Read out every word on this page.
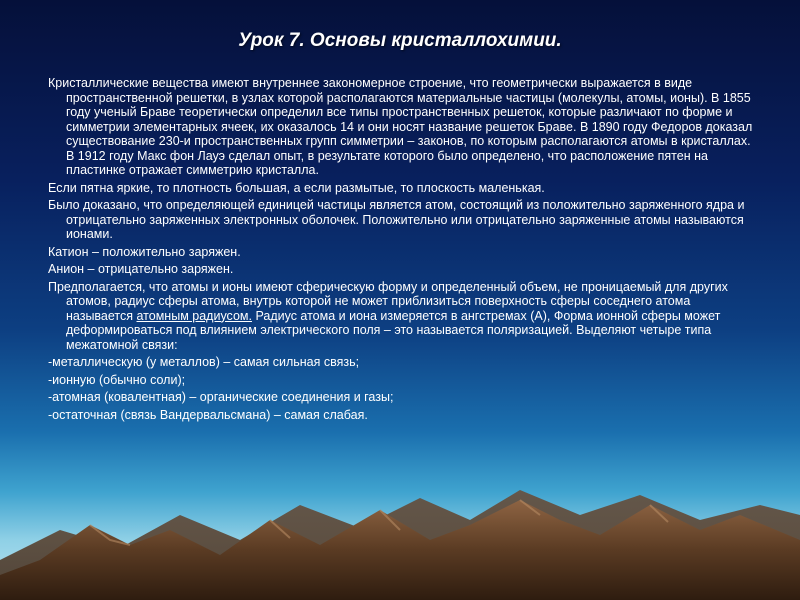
Урок 7. Основы кристаллохимии.

Кристаллические вещества имеют внутреннее закономерное строение, что геометрически выражается в виде пространственной решетки, в узлах которой располагаются материальные частицы (молекулы, атомы, ионы). В 1855 году ученый Браве теоретически определил все типы пространственных решеток, которые различают по форме и симметрии элементарных ячеек, их оказалось 14 и они носят название решеток Браве. В 1890 году Федоров доказал существование 230-и пространственных групп симметрии – законов, по которым располагаются атомы в кристаллах. В 1912 году Макс фон Лауэ сделал опыт, в результате которого было определено, что расположение пятен на пластинке отражает симметрию кристалла.

Если пятна яркие, то плотность большая, а если размытые, то плоскость маленькая.

Было доказано, что определяющей единицей частицы является атом, состоящий из положительно заряженного ядра и отрицательно заряженных электронных оболочек. Положительно или отрицательно заряженные атомы называются ионами.

Катион – положительно заряжен.

Анион – отрицательно заряжен.

Предполагается, что атомы и ионы имеют сферическую форму и определенный объем, не проницаемый для других атомов, радиус сферы атома, внутрь которой не может приблизиться поверхность сферы соседнего атома называется атомным радиусом. Радиус атома и иона измеряется в ангстремах (А), Форма ионной сферы может деформироваться под влиянием электрического поля – это называется поляризацией. Выделяют четыре типа межатомной связи:

-металлическую (у металлов) – самая сильная связь;

-ионную (обычно соли);

-атомная (ковалентная) – органические соединения и газы;

-остаточная (связь Вандервальсмана) – самая слабая.
